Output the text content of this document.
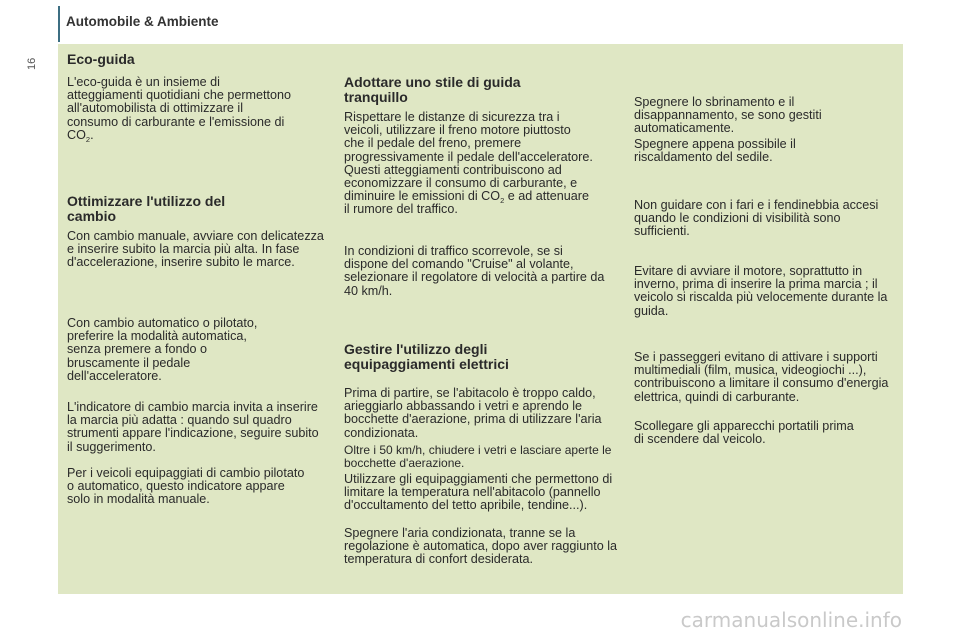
Automobile & Ambiente
16 Eco-guida

L'eco-guida è un insieme di atteggiamenti quotidiani che permettono all'automobilista di ottimizzare il consumo di carburante e l'emissione di $CO_2$.

Ottimizzare l'utilizzo del cambio

Con cambio manuale, avviare con delicatezza e inserire subito la marcia più alta. In fase d'accelerazione, inserire subito le marce.

Con cambio automatico o pilotato, preferire la modalità automatica, senza premere a fondo o bruscamente il pedale dell'acceleratore.

L'indicatore di cambio marcia invita a inserire la marcia più adatta : quando sul quadro strumenti appare l'indicazione, seguire subito il suggerimento.

Per i veicoli equipaggiati di cambio pilotato o automatico, questo indicatore appare solo in modalità manuale.

Adottare uno stile di guida tranquillo

Rispettare le distanze di sicurezza tra i veicoli, utilizzare il freno motore piuttosto che il pedale del freno, premere progressivamente il pedale dell'acceleratore. Questi atteggiamenti contribuiscono ad economizzare il consumo di carburante, e diminuire le emissioni di $CO_2$ e ad attenuare il rumore del traffico.

In condizioni di traffico scorrevole, se si dispone del comando "Cruise" al volante, selezionare il regolatore di velocità a partire da 40 km/h.

Gestire l'utilizzo degli equipaggiamenti elettrici

Prima di partire, se l'abitacolo è troppo caldo, arieggiarlo abbassando i vetri e aprendo le bocchette d'aerazione, prima di utilizzare l'aria condizionata.

Oltre i 50 km/h, chiudere i vetri e lasciare aperte le bocchette d'aerazione.

Utilizzare gli equipaggiamenti che permettono di limitare la temperatura nell'abitacolo (pannello d'occultamento del tetto apribile, tendine...).

Spegnere l'aria condizionata, tranne se la regolazione è automatica, dopo aver raggiunto la temperatura di confort desiderata.

Spegnere lo sbrinamento e il disappannamento, se sono gestiti automaticamente.

Spegnere appena possibile il riscaldamento del sedile.

Non guidare con i fari e i fendinebbia accesi quando le condizioni di visibilità sono sufficienti.

Evitare di avviare il motore, soprattutto in inverno, prima di inserire la prima marcia ; il veicolo si riscalda più velocemente durante la guida.

Se i passeggeri evitano di attivare i supporti multimediali (film, musica, videogiochi ...), contribuiscono a limitare il consumo d'energia elettrica, quindi di carburante.

Scollegare gli apparecchi portatili prima di scendere dal veicolo.

carmanualsonline.info
